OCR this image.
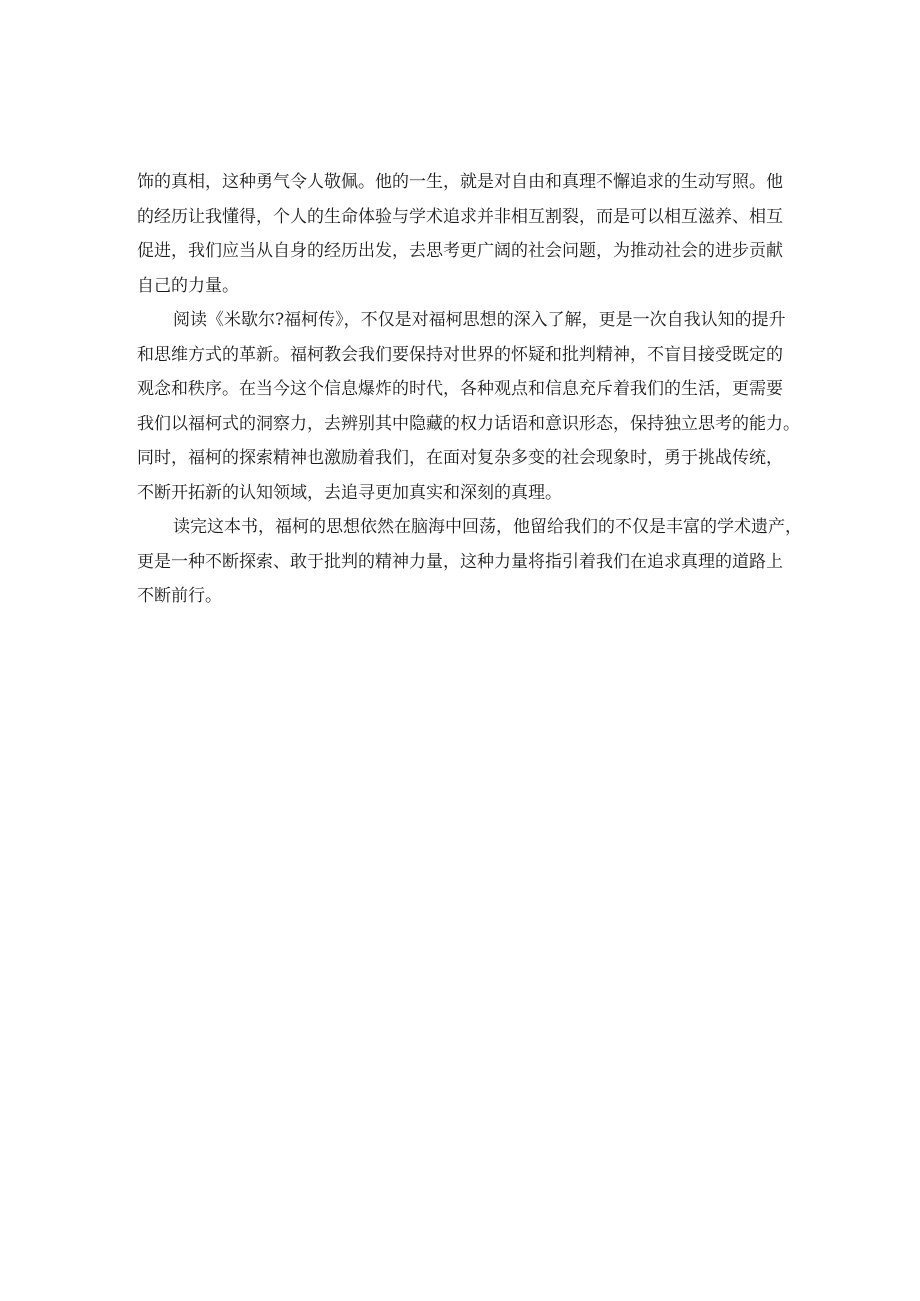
饰的真相，这种勇气令人敬佩。他的一生，就是对自由和真理不懈追求的生动写照。他
的经历让我懂得，个人的生命体验与学术追求并非相互割裂，而是可以相互滋养、相互
促进，我们应当从自身的经历出发，去思考更广阔的社会问题，为推动社会的进步贡献
自己的力量。
阅读《米歇尔?福柯传》，不仅是对福柯思想的深入了解，更是一次自我认知的提升
和思维方式的革新。福柯教会我们要保持对世界的怀疑和批判精神，不盲目接受既定的
观念和秩序。在当今这个信息爆炸的时代，各种观点和信息充斥着我们的生活，更需要
我们以福柯式的洞察力，去辨别其中隐藏的权力话语和意识形态，保持独立思考的能力。
同时，福柯的探索精神也激励着我们，在面对复杂多变的社会现象时，勇于挑战传统，
不断开拓新的认知领域，去追寻更加真实和深刻的真理。
读完这本书，福柯的思想依然在脑海中回荡，他留给我们的不仅是丰富的学术遗产，
更是一种不断探索、敢于批判的精神力量，这种力量将指引着我们在追求真理的道路上
不断前行。
